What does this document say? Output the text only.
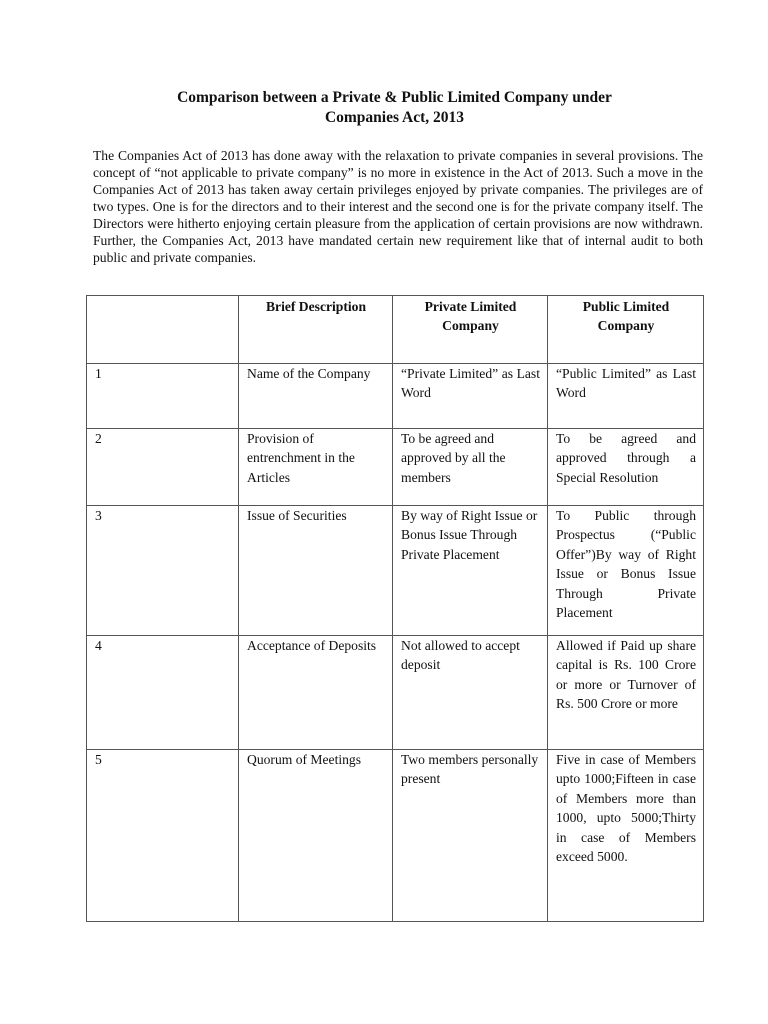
Comparison between a Private & Public Limited Company under
Companies Act, 2013

The Companies Act of 2013 has done away with the relaxation to private companies in several provisions. The concept of “not applicable to private company” is no more in existence in the Act of 2013. Such a move in the Companies Act of 2013 has taken away certain privileges enjoyed by private companies. The privileges are of two types. One is for the directors and to their interest and the second one is for the private company itself. The Directors were hitherto enjoying certain pleasure from the application of certain provisions are now withdrawn. Further, the Companies Act, 2013 have mandated certain new requirement like that of internal audit to both public and private companies.

	Brief Description	Private Limited Company	Public Limited Company
1	Name of the Company	“Private Limited” as Last Word	“Public Limited” as Last Word
2	Provision of entrenchment in the Articles	To be agreed and approved by all the members	To be agreed and approved through a Special Resolution
3	Issue of Securities	By way of Right Issue or Bonus Issue Through Private Placement	To Public through Prospectus (“Public Offer”)By way of Right Issue or Bonus Issue Through Private Placement
4	Acceptance of Deposits	Not allowed to accept deposit	Allowed if Paid up share capital is Rs. 100 Crore or more or Turnover of Rs. 500 Crore or more
5	Quorum of Meetings	Two members personally present	Five in case of Members upto 1000;Fifteen in case of Members more than 1000, upto 5000;Thirty in case of Members exceed 5000.
